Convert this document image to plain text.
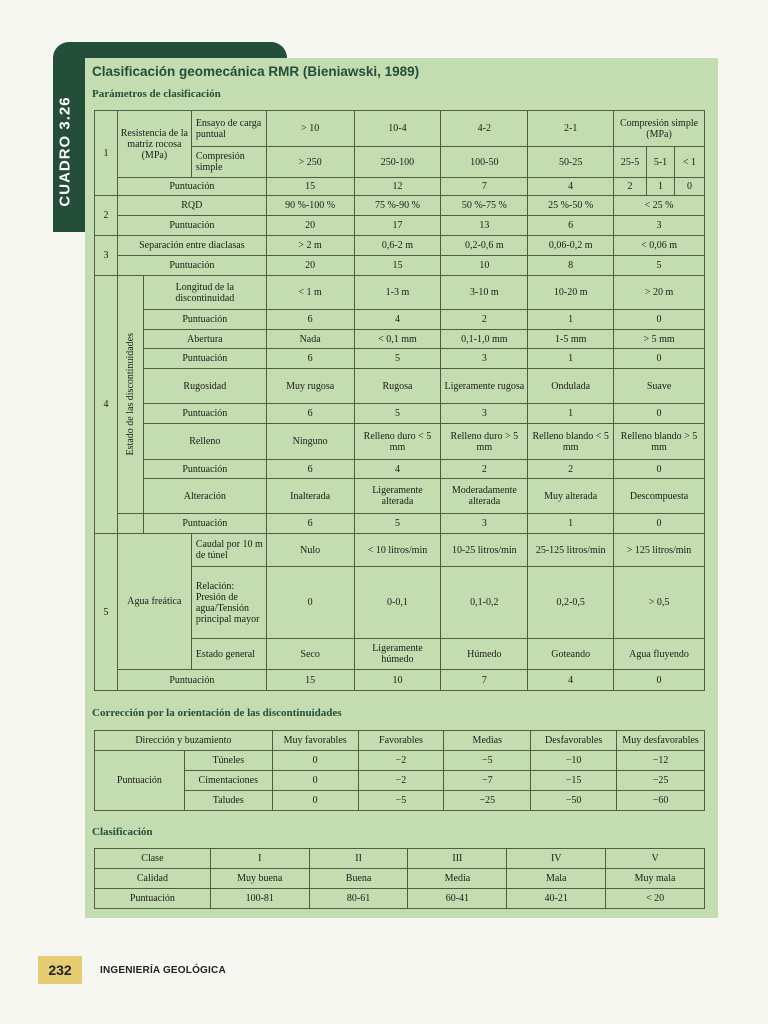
CUADRO 3.26
Clasificación geomecánica RMR (Bieniawski, 1989)
Parámetros de clasificación
1	Resistencia de la matriz rocosa (MPa)		Ensayo de carga puntual	> 10	10-4	4-2	2-1	Compresión simple (MPa)		
			Compresión simple	> 250	250-100	100-50	50-25	25-5	5-1	< 1
	Puntuación			15	12	7	4	2	1	0
2	RQD			90 %-100 %	75 %-90 %	50 %-75 %	25 %-50 %	< 25 %		
	Puntuación			20	17	13	6	3		
3	Separación entre diaclasas			> 2 m	0,6-2 m	0,2-0,6 m	0,06-0,2 m	< 0,06 m		
	Puntuación			20	15	10	8	5		
4	Estado de las discontinuidades	Longitud de la discontinuidad		< 1 m	1-3 m	3-10 m	10-20 m	> 20 m		
		Puntuación		6	4	2	1	0		
		Abertura		Nada	< 0,1 mm	0,1-1,0 mm	1-5 mm	> 5 mm		
		Puntuación		6	5	3	1	0		
		Rugosidad		Muy rugosa	Rugosa	Ligeramente rugosa	Ondulada	Suave		
		Puntuación		6	5	3	1	0		
		Relleno		Ninguno	Relleno duro < 5 mm	Relleno duro > 5 mm	Relleno blando < 5 mm	Relleno blando > 5 mm		
		Puntuación		6	4	2	2	0		
		Alteración		Inalterada	Ligeramente alterada	Moderadamente alterada	Muy alterada	Descompuesta		
		Puntuación		6	5	3	1	0		
5	Agua freática		Caudal por 10 m de túnel	Nulo	< 10 litros/min	10-25 litros/min	25-125 litros/min	> 125 litros/min		
			Relación: Presión de agua/Tensión principal mayor	0	0-0,1	0,1-0,2	0,2-0,5	> 0,5		
			Estado general	Seco	Ligeramente húmedo	Húmedo	Goteando	Agua fluyendo		
	Puntuación			15	10	7	4	0		
Corrección por la orientación de las discontinuidades
Dirección y buzamiento		Muy favorables	Favorables	Medias	Desfavorables	Muy desfavorables
Puntuación	Túneles	0	−2	−5	−10	−12
	Cimentaciones	0	−2	−7	−15	−25
	Taludes	0	−5	−25	−50	−60
Clasificación
Clase	I	II	III	IV	V
Calidad	Muy buena	Buena	Media	Mala	Muy mala
Puntuación	100-81	80-61	60-41	40-21	< 20
232	INGENIERÍA GEOLÓGICA
